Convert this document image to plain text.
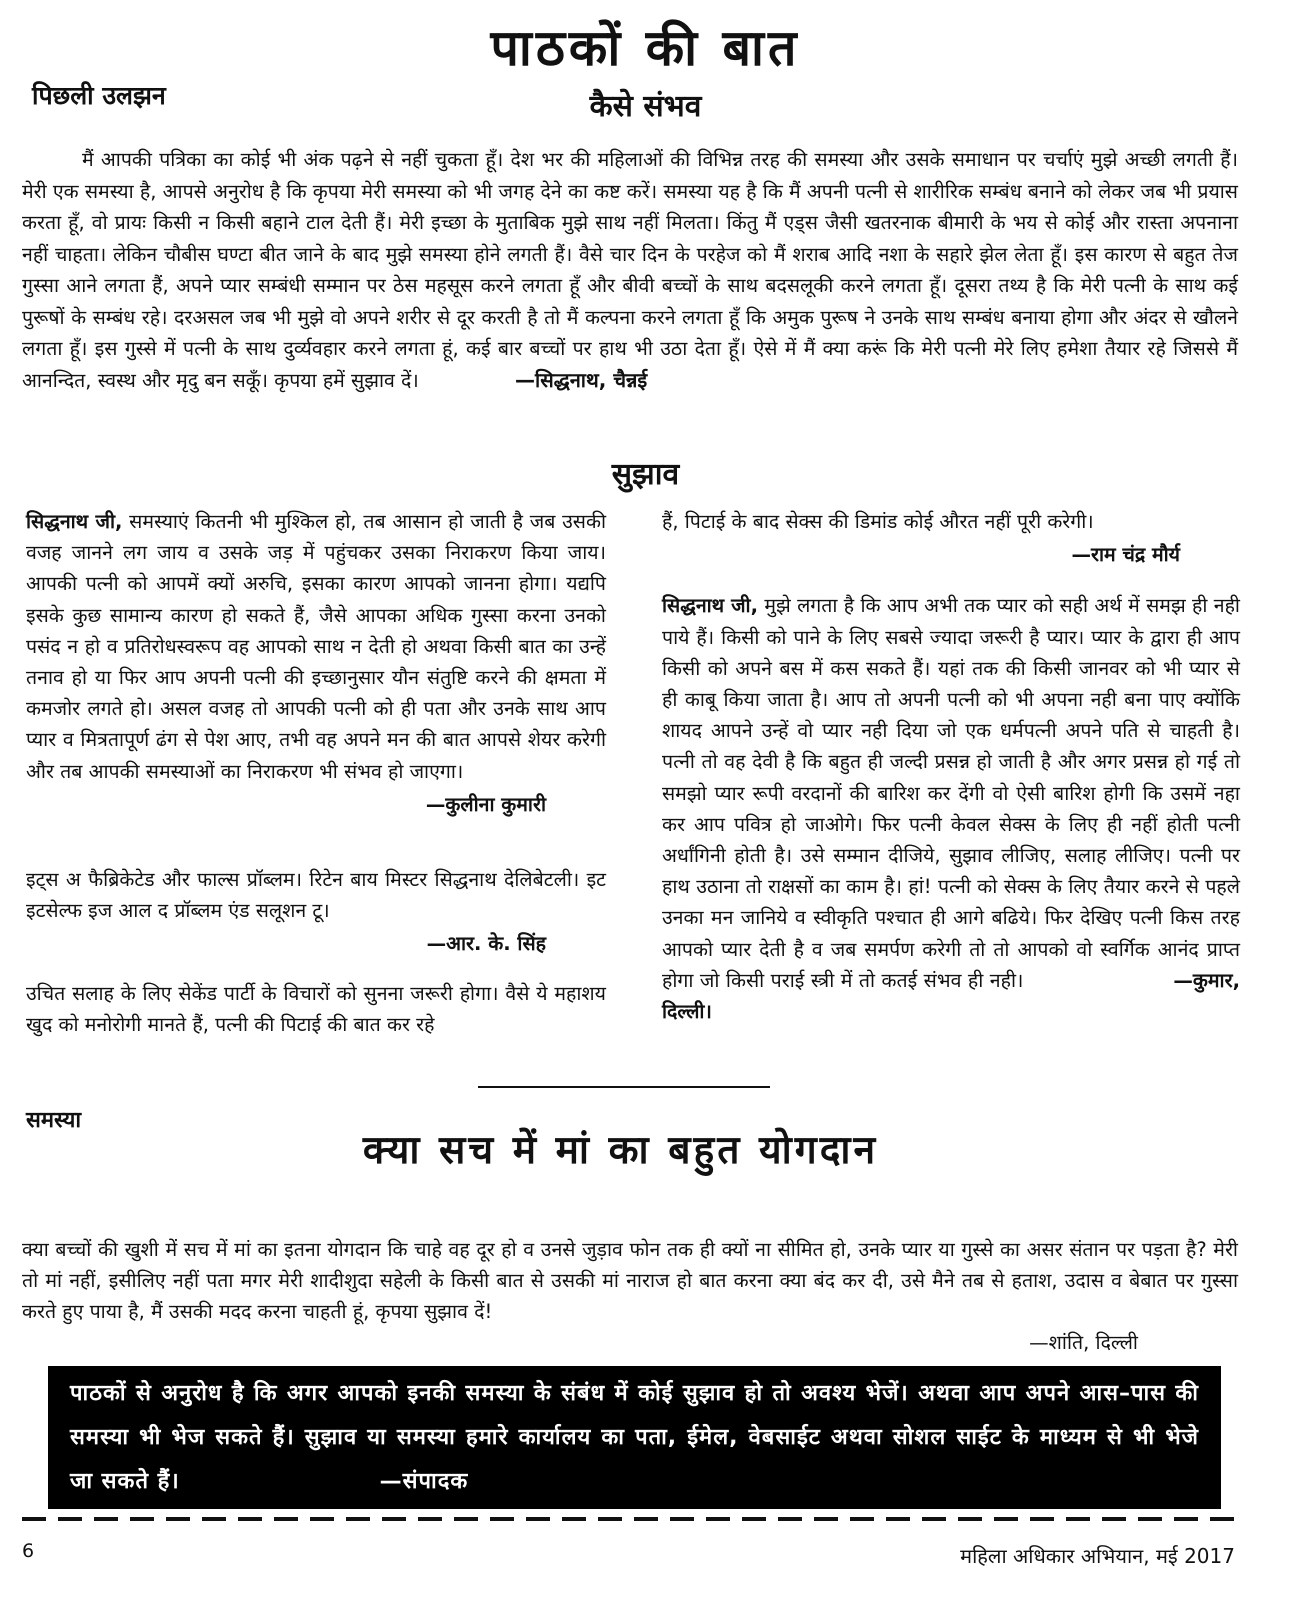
पाठकों की बात
पिछली उलझन	कैसे संभव

मैं आपकी पत्रिका का कोई भी अंक पढ़ने से नहीं चुकता हूँ। देश भर की महिलाओं की विभिन्न तरह की समस्या और उसके समाधान पर चर्चाएं मुझे अच्छी लगती हैं। मेरी एक समस्या है, आपसे अनुरोध है कि कृपया मेरी समस्या को भी जगह देने का कष्ट करें। समस्या यह है कि मैं अपनी पत्नी से शारीरिक सम्बंध बनाने को लेकर जब भी प्रयास करता हूँ, वो प्रायः किसी न किसी बहाने टाल देती हैं। मेरी इच्छा के मुताबिक मुझे साथ नहीं मिलता। किंतु मैं एड्स जैसी खतरनाक बीमारी के भय से कोई और रास्ता अपनाना नहीं चाहता। लेकिन चौबीस घण्टा बीत जाने के बाद मुझे समस्या होने लगती हैं। वैसे चार दिन के परहेज को मैं शराब आदि नशा के सहारे झेल लेता हूँ। इस कारण से बहुत तेज गुस्सा आने लगता हैं, अपने प्यार सम्बंधी सम्मान पर ठेस महसूस करने लगता हूँ और बीवी बच्चों के साथ बदसलूकी करने लगता हूँ। दूसरा तथ्य है कि मेरी पत्नी के साथ कई पुरूषों के सम्बंध रहे। दरअसल जब भी मुझे वो अपने शरीर से दूर करती है तो मैं कल्पना करने लगता हूँ कि अमुक पुरूष ने उनके साथ सम्बंध बनाया होगा और अंदर से खौलने लगता हूँ। इस गुस्से में पत्नी के साथ दुर्व्यवहार करने लगता हूं, कई बार बच्चों पर हाथ भी उठा देता हूँ। ऐसे में मैं क्या करूं कि मेरी पत्नी मेरे लिए हमेशा तैयार रहे जिससे मैं आनन्दित, स्वस्थ और मृदु बन सकूँ। कृपया हमें सुझाव दें।	—सिद्धनाथ, चैन्नई

सुझाव

सिद्धनाथ जी, समस्याएं कितनी भी मुश्किल हो, तब आसान हो जाती है जब उसकी वजह जानने लग जाय व उसके जड़ में पहुंचकर उसका निराकरण किया जाय। आपकी पत्नी को आपमें क्यों अरुचि, इसका कारण आपको जानना होगा। यद्यपि इसके कुछ सामान्य कारण हो सकते हैं, जैसे आपका अधिक गुस्सा करना उनको पसंद न हो व प्रतिरोधस्वरूप वह आपको साथ न देती हो अथवा किसी बात का उन्हें तनाव हो या फिर आप अपनी पत्नी की इच्छानुसार यौन संतुष्टि करने की क्षमता में कमजोर लगते हो। असल वजह तो आपकी पत्नी को ही पता और उनके साथ आप प्यार व मित्रतापूर्ण ढंग से पेश आए, तभी वह अपने मन की बात आपसे शेयर करेगी और तब आपकी समस्याओं का निराकरण भी संभव हो जाएगा।

—कुलीना कुमारी

इट्स अ फैब्रिकेटेड और फाल्स प्रॉब्लम। रिटेन बाय मिस्टर सिद्धनाथ देलिबेटली। इट इटसेल्फ इज आल द प्रॉब्लम एंड सलूशन टू।

—आर. के. सिंह

उचित सलाह के लिए सेकेंड पार्टी के विचारों को सुनना जरूरी होगा। वैसे ये महाशय खुद को मनोरोगी मानते हैं, पत्नी की पिटाई की बात कर रहे

हैं, पिटाई के बाद सेक्स की डिमांड कोई औरत नहीं पूरी करेगी।

—राम चंद्र मौर्य

सिद्धनाथ जी, मुझे लगता है कि आप अभी तक प्यार को सही अर्थ में समझ ही नही पाये हैं। किसी को पाने के लिए सबसे ज्यादा जरूरी है प्यार। प्यार के द्वारा ही आप किसी को अपने बस में कस सकते हैं। यहां तक की किसी जानवर को भी प्यार से ही काबू किया जाता है। आप तो अपनी पत्नी को भी अपना नही बना पाए क्योंकि शायद आपने उन्हें वो प्यार नही दिया जो एक धर्मपत्नी अपने पति से चाहती है। पत्नी तो वह देवी है कि बहुत ही जल्दी प्रसन्न हो जाती है और अगर प्रसन्न हो गई तो समझो प्यार रूपी वरदानों की बारिश कर देंगी वो ऐसी बारिश होगी कि उसमें नहा कर आप पवित्र हो जाओगे। फिर पत्नी केवल सेक्स के लिए ही नहीं होती पत्नी अर्धांगिनी होती है। उसे सम्मान दीजिये, सुझाव लीजिए, सलाह लीजिए। पत्नी पर हाथ उठाना तो राक्षसों का काम है। हां! पत्नी को सेक्स के लिए तैयार करने से पहले उनका मन जानिये व स्वीकृति पश्चात ही आगे बढिये। फिर देखिए पत्नी किस तरह आपको प्यार देती है व जब समर्पण करेगी तो तो आपको वो स्वर्गिक आनंद प्राप्त होगा जो किसी पराई स्त्री में तो कतई संभव ही नही।	—कुमार, दिल्ली।

समस्या
क्या सच में मां का बहुत योगदान

क्या बच्चों की खुशी में सच में मां का इतना योगदान कि चाहे वह दूर हो व उनसे जुड़ाव फोन तक ही क्यों ना सीमित हो, उनके प्यार या गुस्से का असर संतान पर पड़ता है? मेरी तो मां नहीं, इसीलिए नहीं पता मगर मेरी शादीशुदा सहेली के किसी बात से उसकी मां नाराज हो बात करना क्या बंद कर दी, उसे मैने तब से हताश, उदास व बेबात पर गुस्सा करते हुए पाया है, मैं उसकी मदद करना चाहती हूं, कृपया सुझाव दें!

—शांति, दिल्ली

पाठकों से अनुरोध है कि अगर आपको इनकी समस्या के संबंध में कोई सुझाव हो तो अवश्य भेजें। अथवा आप अपने आस–पास की समस्या भी भेज सकते हैं। सुझाव या समस्या हमारे कार्यालय का पता, ईमेल, वेबसाईट अथवा सोशल साईट के माध्यम से भी भेजे जा सकते हैं।	—संपादक

6	महिला अधिकार अभियान, मई 2017
